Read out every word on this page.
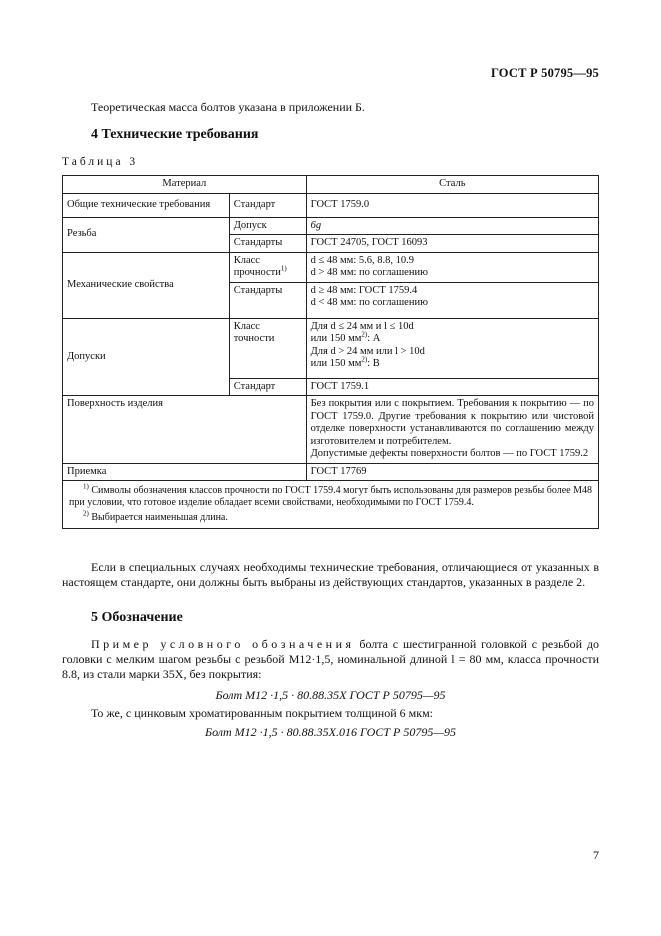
ГОСТ Р 50795—95
Теоретическая масса болтов указана в приложении Б.
4 Технические требования
Таблица 3
Материал		Сталь
Общие технические требования	Стандарт	ГОСТ 1759.0
Резьба	Допуск	6g
	Стандарты	ГОСТ 24705, ГОСТ 16093
Механические свойства	Класс прочности$^{1)}$	d ≤ 48 мм: 5.6, 8.8, 10.9
d > 48 мм: по соглашению

	Стандарты	d ≥ 48 мм: ГОСТ 1759.4
d < 48 мм: по соглашению

Допуски	Класс точности	Для d ≤ 24 мм и l ≤ 10d
или 150 $мм^{2)}$: А
Для d > 24 мм или l > 10d
или 150 $мм^{2)}$: В

	Стандарт	ГОСТ 1759.1
Поверхность изделия		Без покрытия или с покрытием. Требования к покрытию — по ГОСТ 1759.0. Другие требования к покрытию или чистовой отделке поверхности устанавливаются по соглашению между изготовителем и потребителем.
Допустимые дефекты поверхности болтов — по ГОСТ 1759.2

Приемка		ГОСТ 17769

$^{1)}$ Символы обозначения классов прочности по ГОСТ 1759.4 могут быть использованы для размеров резьбы более М48 при условии, что готовое изделие обладает всеми свойствами, необходимыми по ГОСТ 1759.4.
$^{2)}$ Выбирается наименьшая длина.		
Если в специальных случаях необходимы технические требования, отличающиеся от указанных в настоящем стандарте, они должны быть выбраны из действующих стандартов, указанных в разделе 2.
5 Обозначение
Пример условного обозначения болта с шестигранной головкой с резьбой до головки с мелким шагом резьбы с резьбой М12·1,5, номинальной длиной l = 80 мм, класса прочности 8.8, из стали марки 35Х, без покрытия:
Болт М12 ·1,5 · 80.88.35Х ГОСТ Р 50795—95
То же, с цинковым хроматированным покрытием толщиной 6 мкм:
Болт М12 ·1,5 · 80.88.35Х.016 ГОСТ Р 50795—95
7
